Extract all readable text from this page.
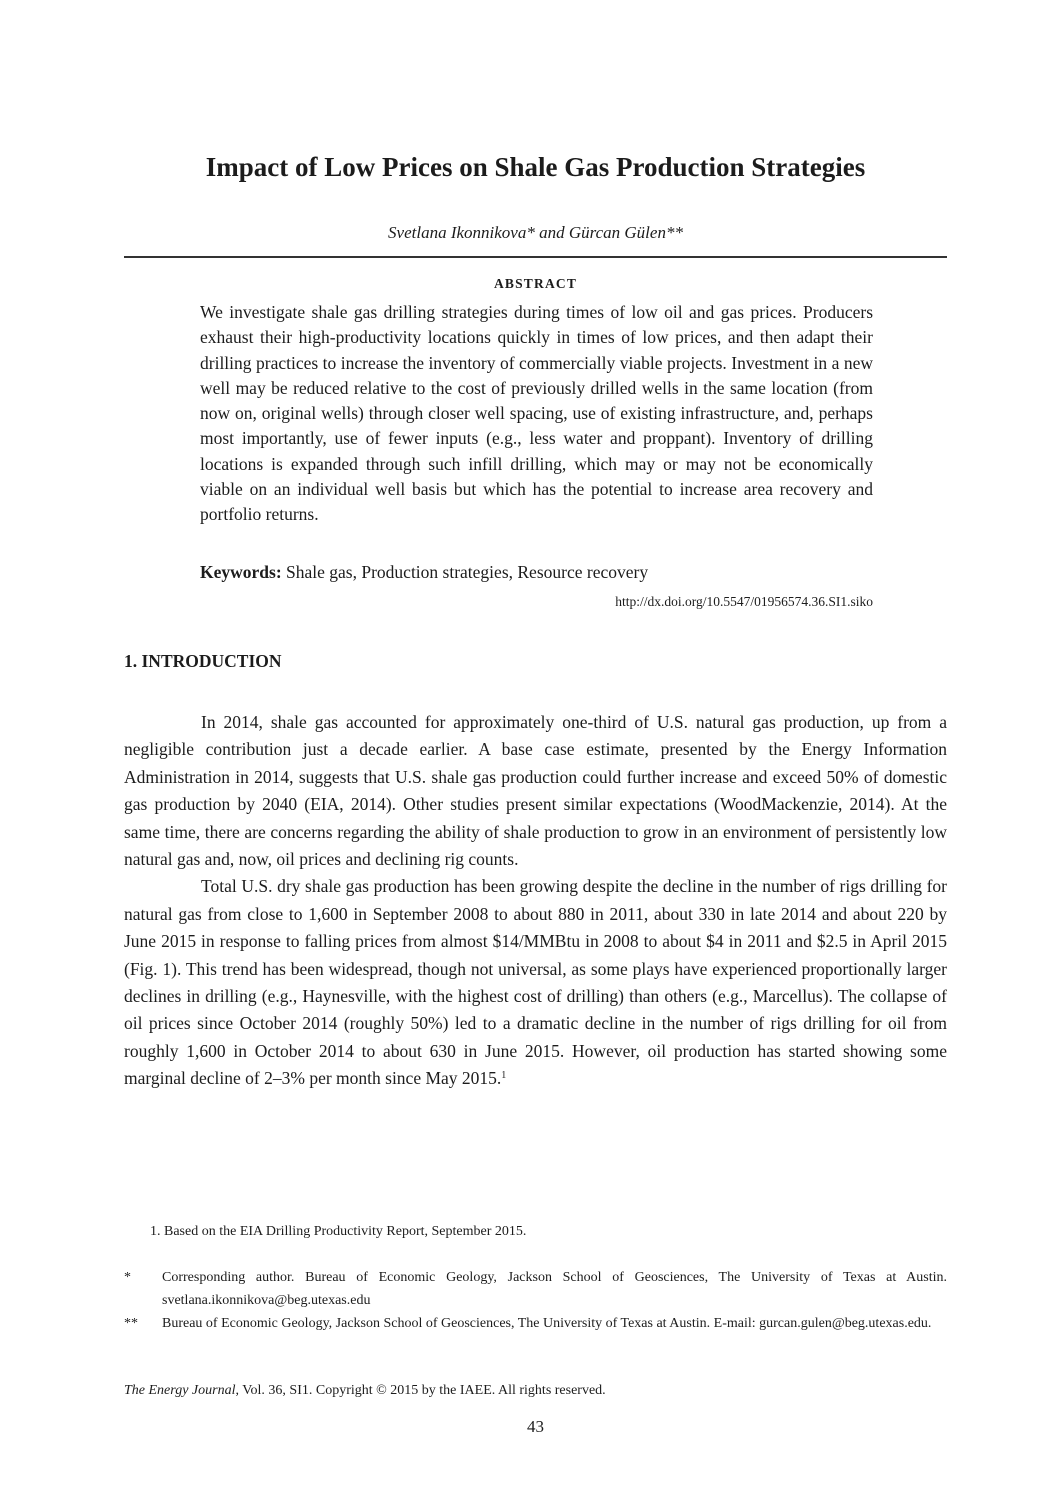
Impact of Low Prices on Shale Gas Production Strategies
Svetlana Ikonnikova* and Gürcan Gülen**
ABSTRACT

We investigate shale gas drilling strategies during times of low oil and gas prices. Producers exhaust their high-productivity locations quickly in times of low prices, and then adapt their drilling practices to increase the inventory of commercially viable projects. Investment in a new well may be reduced relative to the cost of previously drilled wells in the same location (from now on, original wells) through closer well spacing, use of existing infrastructure, and, perhaps most importantly, use of fewer inputs (e.g., less water and proppant). Inventory of drilling locations is expanded through such infill drilling, which may or may not be economically viable on an individual well basis but which has the potential to increase area recovery and portfolio returns.

Keywords: Shale gas, Production strategies, Resource recovery

http://dx.doi.org/10.5547/01956574.36.SI1.siko
1. INTRODUCTION

In 2014, shale gas accounted for approximately one-third of U.S. natural gas production, up from a negligible contribution just a decade earlier. A base case estimate, presented by the Energy Information Administration in 2014, suggests that U.S. shale gas production could further increase and exceed 50% of domestic gas production by 2040 (EIA, 2014). Other studies present similar expectations (WoodMackenzie, 2014). At the same time, there are concerns regarding the ability of shale production to grow in an environment of persistently low natural gas and, now, oil prices and declining rig counts.

Total U.S. dry shale gas production has been growing despite the decline in the number of rigs drilling for natural gas from close to 1,600 in September 2008 to about 880 in 2011, about 330 in late 2014 and about 220 by June 2015 in response to falling prices from almost $14/MMBtu in 2008 to about $4 in 2011 and $2.5 in April 2015 (Fig. 1). This trend has been widespread, though not universal, as some plays have experienced proportionally larger declines in drilling (e.g., Haynesville, with the highest cost of drilling) than others (e.g., Marcellus). The collapse of oil prices since October 2014 (roughly 50%) led to a dramatic decline in the number of rigs drilling for oil from roughly 1,600 in October 2014 to about 630 in June 2015. However, oil production has started showing some marginal decline of 2–3% per month since May 2015.$^1$

1. Based on the EIA Drilling Productivity Report, September 2015.
* Corresponding author. Bureau of Economic Geology, Jackson School of Geosciences, The University of Texas at Austin. svetlana.ikonnikova@beg.utexas.edu
** Bureau of Economic Geology, Jackson School of Geosciences, The University of Texas at Austin. E-mail: gurcan.gulen@beg.utexas.edu.
The Energy Journal, Vol. 36, SI1. Copyright © 2015 by the IAEE. All rights reserved.
43
